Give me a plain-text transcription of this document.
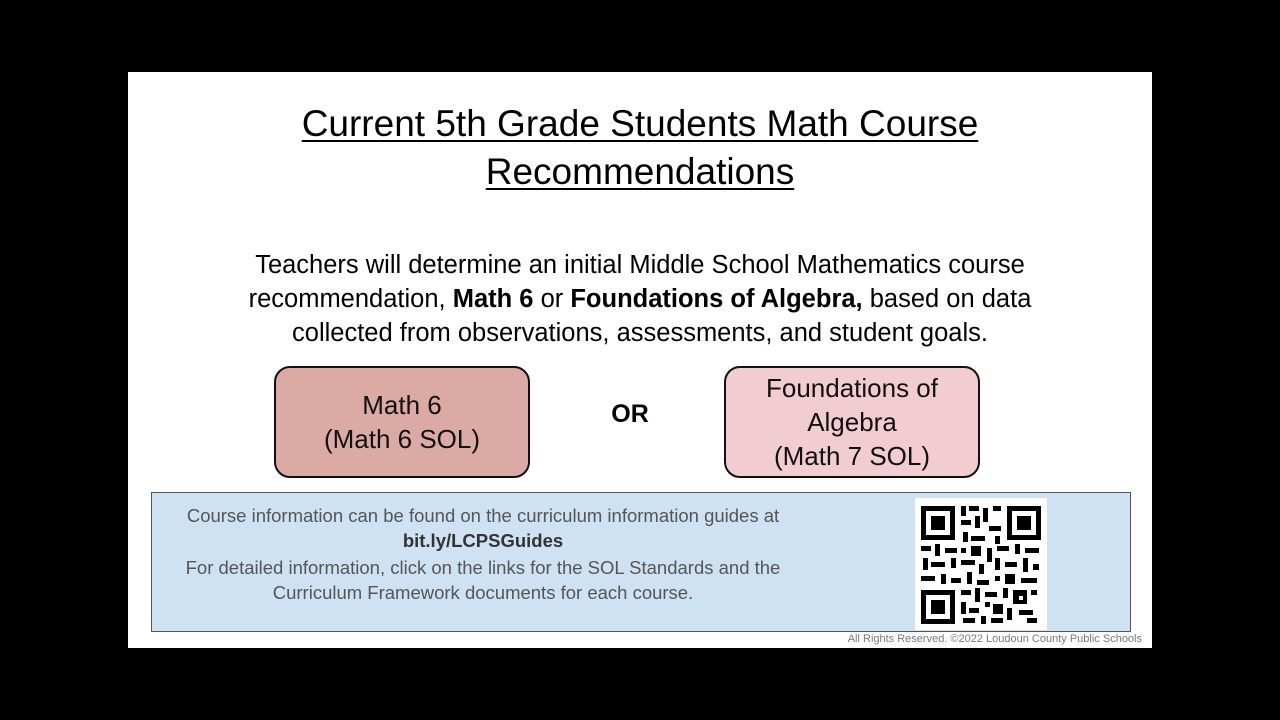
Current 5th Grade Students Math Course
Recommendations

Teachers will determine an initial Middle School Mathematics course
recommendation, Math 6 or Foundations of Algebra, based on data
collected from observations, assessments, and student goals.

Math 6
(Math 6 SOL)
OR
Foundations of
Algebra
(Math 7 SOL)
Course information can be found on the curriculum information guides at
bit.ly/LCPSGuides
For detailed information, click on the links for the SOL Standards and the
Curriculum Framework documents for each course.
All Rights Reserved. ©2022 Loudoun County Public Schools
